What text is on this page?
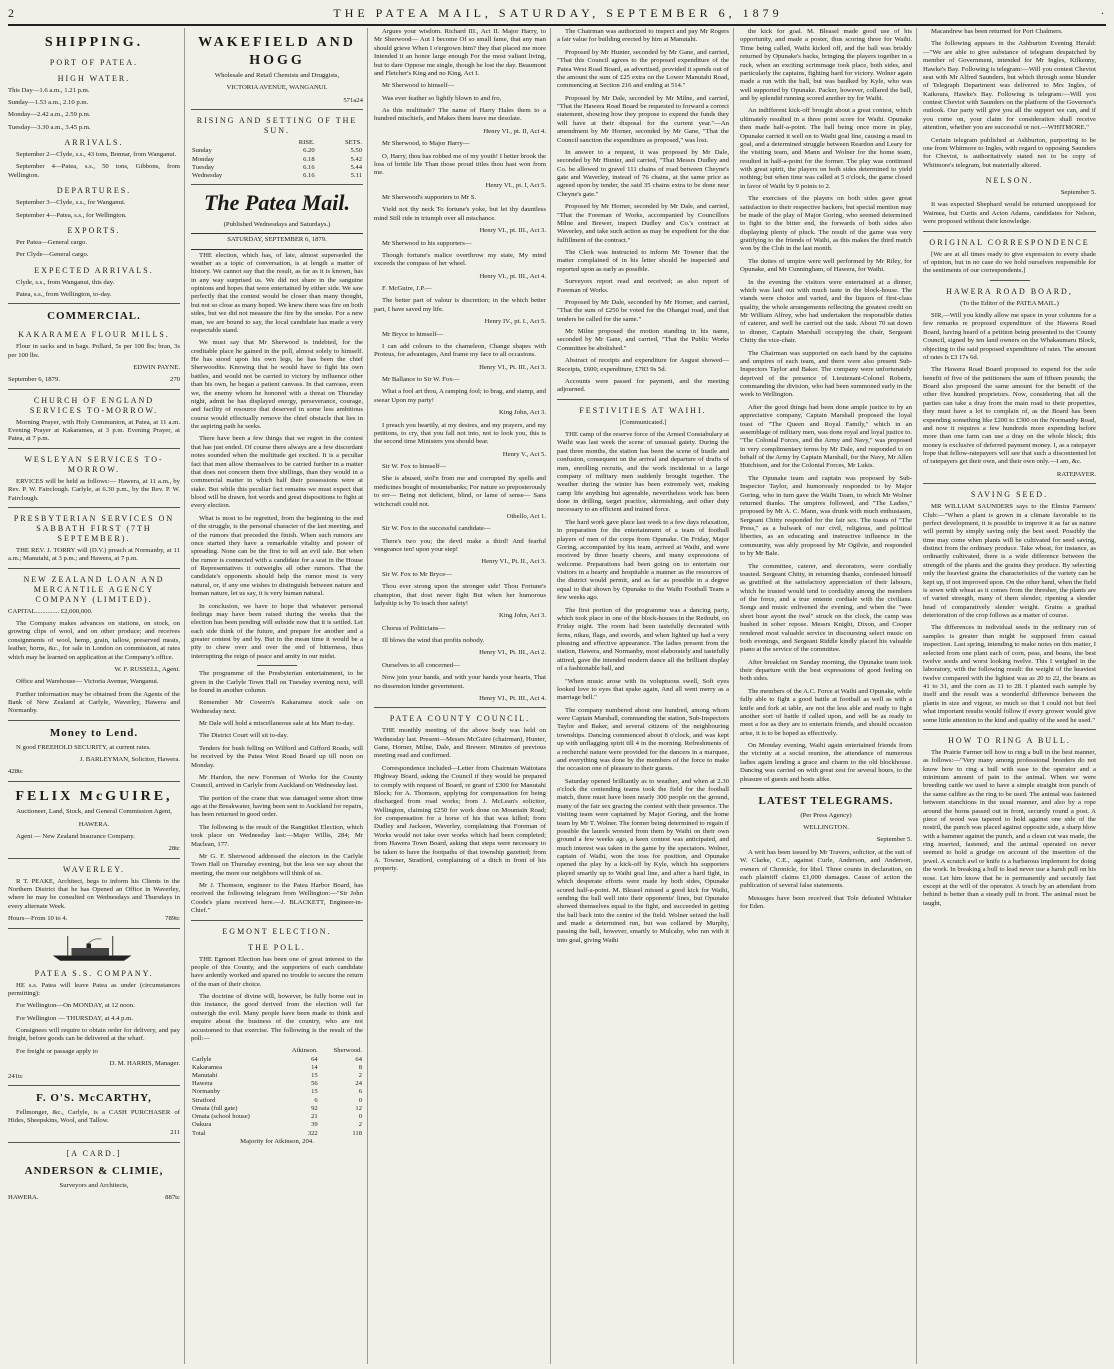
2	THE PATEA MAIL, SATURDAY, SEPTEMBER 6, 1879	·
SHIPPING.
PORT OF PATEA.
HIGH WATER.

This Day—1.6 a.m., 1.21 p.m.

Sunday—1.53 a.m., 2.10 p.m.

Monday—2.42 a.m., 2.59 p.m.

Tuesday—3.30 a.m., 3.45 p.m.

ARRIVALS.

September 2—Clyde, s.s., 43 tons, Bonnar, from Wanganui.

September 4—Patea, s.s., 50 tons, Gibbons, from Wellington.

DEPARTURES.

September 3—Clyde, s.s., for Wanganui.

September 4—Patea, s.s., for Wellington.

EXPORTS.

Per Patea—General cargo.

Per Clyde—General cargo.

EXPECTED ARRIVALS.

Clyde, s.s., from Wanganui, this day.

Patea, s.s., from Wellington, to-day.

COMMERCIAL.
KAKARAMEA FLOUR MILLS.

Flour in sacks and in bags. Pollard, 5s per 100 lbs; bran, 3s per 100 lbs.

EDWIN PAYNE.

September 6, 1879.	270

CHURCH OF ENGLAND SERVICES TO-MORROW.

Morning Prayer, with Holy Communion, at Patea, at 11 a.m. Evening Prayer at Kakaramea, at 3 p.m. Evening Prayer, at Patea, at 7 p.m.

WESLEYAN SERVICES TO-MORROW.

ERVICES will be held as follows:— Hawera, at 11 a.m., by Rev. P. W. Fairclough. Carlyle, at 6.30 p.m., by the Rev. P. W. Fairclough.

PRESBYTERIAN SERVICES ON SABBATH FIRST (7TH SEPTEMBER).

THE REV. J. TORRY will (D.V.) preach at Normanby, at 11 a.m.; Manutahi, at 3 p.m.; and Hawera, at 7 p.m.

NEW ZEALAND LOAN AND MERCANTILE AGENCY COMPANY (LIMITED).

CAPITAL.............. £2,000,000.

The Company makes advances on stations, on stock, on growing clips of wool, and on other produce; and receives consignments of wool, hemp, grain, tallow, preserved meats, leather, horns, &c., for sale in London on commission, at rates which may be learned on application at the Company's office.

W. F. RUSSELL, Agent.

Office and Warehouse— Victoria Avenue, Wanganui.

Further information may be obtained from the Agents of the Bank of New Zealand at Carlyle, Waverley, Hawera and Normanby.

Money to Lend.

N good FREEHOLD SECURITY, at current rates.

J. BARLEYMAN, Solicitor, Hawera.

428tc

FELIX McGUIRE,

Auctioneer, Land, Stock, and General Commission Agent,

HAWERA.

Agent — New Zealand Insurance Company.

28tc

WAVERLEY.

R T. PEAKE, Architect, begs to inform his Clients in the Northern District that he has Opened an Office in Waverley, where he may be consulted on Wednesdays and Thursdays in every alternate Week.

Hours—From 10 to 4.	789tc

PATEA S.S. COMPANY.

HE s.s. Patea will leave Patea as under (circumstances permitting):

For Wellington—On MONDAY, at 12 noon.

For Wellington — THURSDAY, at 4.4 p.m.

Consignees will require to obtain order for delivery, and pay freight, before goods can be delivered at the wharf.

For freight or passage apply to

D. M. HARRIS, Manager.

241tc

F. O'S. McCARTHY,

Fellmonger, &c., Carlyle, is a CASH PURCHASER of Hides, Sheepskins, Wool, and Tallow.

211

[A CARD.]
ANDERSON & CLIMIE,

Surveyors and Architects,

HAWERA.	887tc

WAKEFIELD AND HOGG

Wholesale and Retail Chemists and Druggists,

VICTORIA AVENUE, WANGANUI.

571a24

RISING AND SETTING OF THE SUN.
	RISE.	SETS.
Sunday	6.20	5.50
Monday	6.18	5.42
Tuesday	6.16	5.44
Wednesday	6.16	5.11
The Patea Mail.

(Published Wednesdays and Saturdays.)

SATURDAY, SEPTEMBER 6, 1879.

THE election, which has, of late, almost superseded the weather as a topic of conversation, is at length a matter of history. We cannot say that the result, as far as it is known, has in any way surprised us. We did not share in the sanguine opinions and hopes that were entertained by either side. We saw perfectly that the contest would be closer than many thought, but not so close as many hoped. We knew there was fire on both sides, but we did not measure the fire by the smoke. For a new man, we are bound to say, the local candidate has made a very respectable stand.

We must say that Mr Sherwood is indebted, for the creditable place he gained in the poll, almost solely to himself. He has stood upon his own legs, he has been the chief Sherwoodite. Knowing that he would have to fight his own battles, and would not be carried to victory by influence other than his own, he began a patient canvass. In that canvass, even we, the enemy whom he honored with a threat on Thursday night, admit he has displayed energy, perseverance, courage, and facility of resource that deserved in some less ambitious course would effectually remove the chief obstacle that lies in the aspiring path he seeks.

There have been a few things that we regret in the contest that has just ended. Of course there always are a few discordant notes sounded when the multitude get excited. It is a peculiar fact that men allow themselves to be carried further in a matter that does not concern them five shillings, than they would in a commercial matter in which half their possessions were at stake. But while this peculiar fact remains we must expect that blood will be drawn, hot words and great dispositions to fight at every election.

What is most to be regretted, from the beginning to the end of the struggle, is the personal character of the last meeting, and of the rumors that preceded the finish. When such rumors are once started they have a remarkable vitality and power of spreading. None can be the first to tell an evil tale. But when the rumor is connected with a candidate for a seat in the House of Representatives it outweighs all other rumors. That the candidate's opponents should help the rumor most is very natural, or, if any one wishes to distinguish between nature and human nature, let us say, it is very human natural.

In conclusion, we have to hope that whatever personal feelings may have been raised during the weeks that the election has been pending will subside now that it is settled. Let each side think of the future, and prepare for another and a greater contest by and by. But in the mean time it would be a pity to chew over and over the end of bitterness, thus interrupting the reign of peace and amity in our midst.

The programme of the Presbyterian entertainment, to be given in the Carlyle Town Hall on Tuesday evening next, will be found in another column.

Remember Mr Cowern's Kakaramea stock sale on Wednesday next.

Mr Dale will hold a miscellaneous sale at his Mart to-day.

The District Court will sit to-day.

Tenders for bush felling on Wilford and Gifford Roads, will be received by the Patea West Road Board up till noon on Monday.

Mr Hardon, the new Foreman of Works for the County Council, arrived in Carlyle from Auckland on Wednesday last.

The portion of the crane that was damaged some short time ago at the Breakwater, having been sent to Auckland for repairs, has been returned in good order.

The following is the result of the Rangitikei Election, which took place on Wednesday last:—Major Willis, 284; Mr Maclean, 177.

Mr G. F. Sherwood addressed the electors in the Carlyle Town Hall on Thursday evening, but the less we say about the meeting, the more our neighbors will think of us.

Mr J. Thomson, engineer to the Patea Harbor Board, has received the following telegram from Wellington:—"Sir John Coode's plans received here.—J. BLACKETT, Engineer-in-Chief."

EGMONT ELECTION.
THE POLL.

THE Egmont Election has been one of great interest to the people of this County, and the supporters of each candidate have ardently worked and spared no trouble to secure the return of the man of their choice.

The doctrine of divine will, however, be fully borne out in this instance, the good derived from the election will far outweigh the evil. Many people have been made to think and enquire about the business of the country, who are not accustomed to that exercise. The following is the result of the poll:—

	Atkinson.	Sherwood.
Carlyle	64	64
Kakaramea	14	8
Manutahi	15	2
Hawera	56	24
Normanby	15	6
Stratford	6	0
Omata (full gate)	92	12
Omata (school house)	21	0
Oakura	39	2
Total	322	118

Majority for Atkinson, 204.

Argues your wisdom. Richard III., Act II. Major Harry, to Mr Sherwood— Aut I become Of so small fame, that any man should grieve When I o'ergrown him? they that placed me more Intended it an honor large enough For the most valiant living, but to dare Oppose me single, though he lost the day. Beaumont and Fletcher's King and no King, Act I.

Mr Sherwood to himself—

Was ever feather so lightly blown to and fro,

As this multitude? The name of Harry Hales them to a hundred mischiefs, and Makes them leave me desolate.

Henry VI., pt. II, Act 4.

Mr Sherwood, to Major Harry—

O, Harry, thou has robbed me of my youth! I better brook the loss of brittle life Than those proud titles thou hast won from me.

Henry VI., pt. I, Act 5.

Mr Sherwood's supporters to Mr S.

Yield not thy neck To fortune's yoke, but let thy dauntless mind Still ride in triumph over all mischance.

Henry VI., pt. III., Act 3.

Mr Sherwood to his supporters—

Though fortune's malice overthrow my state, My mind exceeds the compass of her wheel.

Henry VI., pt. III., Act 4.

F. McGuire, J.P.—

The better part of valour is discretion; in the which better part, I have saved my life.

Henry IV., pt. I., Act 5.

Mr Bryce to himself—

I can add colours to the chameleon, Change shapes with Proteus, for advantages, And frame my face to all occasions.

Henry VI., Pt. III., Act 3.

Mr Ballance to Sir W. Fox—

What a fool art thou, A ramping fool; to brag, and stamp, and swear Upon my party!

King John, Act 3.

I preach you heartily, at my desires, and my prayers, and my petitions, to cry, that you fall not into, not to look you, this is the second time Ministers you should bear.

Henry V., Act 5.

Sir W. Fox to himself—

She is abused, stol'n from me and corrupted By spells and medicines bought of mountebanks; For nature so preposterously to err— Being not deficient, blind, or lame of sense— Sans witchcraft could not.

Othello, Act 1.

Sir W. Fox to the successful candidate—

There's two you; the devil make a third! And fearful vengeance ten! upon your step!

Henry VI., Pt. II., Act 3.

Sir W. Fox to Mr Bryce—

Thou ever strong upon the stronger side! Thou Fortune's champion, that dost never fight But when her humorous ladyship is by To teach thee safety!

King John, Act 3.

Chorus of Politicians—

Ill blows the wind that profits nobody.

Henry VI., Pt. III., Act 2.

Ourselves to all concerned—

Now join your hands, and with your hands your hearts, That no dissension hinder government.

Henry VI., Pt. III., Act 4.

PATEA COUNTY COUNCIL.

THE monthly meeting of the above body was held on Wednesday last. Present—Messrs McGuire (chairman), Hunter, Gane, Horner, Milne, Dale, and Brewer. Minutes of previous meeting read and confirmed.

Correspondence included—Letter from Chairman Waitotara Highway Board, asking the Council if they would be prepared to comply with request of Board, re grant of £300 for Manutahi Block; for A. Thomson, applying for compensation for being discharged from road works; from J. McLean's solicitor, Wellington, claiming £250 for work done on Mountain Road; for compensation for a horse of his that was killed; from Dudley and Jackson, Waverley, complaining that Foreman of Works would not take over works which had been completed; from Hawera Town Board, asking that steps were necessary to be taken to have the footpaths of that township gazetted; from A. Towner, Stratford, complaining of a ditch in front of his property.

The Chairman was authorized to inspect and pay Mr Rogers a fair value for building erected by him at Manutahi.

Proposed by Mr Hunter, seconded by Mr Gane, and carried, "That this Council agrees to the proposed expenditure of the Patea West Road Board, as advertised, provided it spends out of the amount the sum of £25 extra on the Lower Manutahi Road, commencing at Section 216 and ending at 514."

Proposed by Mr Dale, seconded by Mr Milne, and carried, "That the Hawera Road Board be requested to forward a correct statement, showing how they propose to expend the funds they will have at their disposal for the current year."—An amendment by Mr Horner, seconded by Mr Gane, "That the Council sanction the expenditure as proposed," was lost.

In answer to a request, it was proposed by Mr Dale, seconded by Mr Hunter, and carried, "That Messrs Dudley and Co. be allowed to gravel 111 chains of road between Cheyne's gate and Waverley, instead of 76 chains, at the same price as agreed upon by tender, the said 35 chains extra to be done near Cheyne's gate."

Proposed by Mr Horner, seconded by Mr Dale, and carried, "That the Foreman of Works, accompanied by Councillors Milne and Brewer, inspect Dudley and Co.'s contract at Waverley, and take such action as may be expedient for the due fulfillment of the contract."

The Clerk was instructed to inform Mr Towner that the matter complained of in his letter should be inspected and reported upon as early as possible.

Surveyors report read and received; as also report of Foreman of Works.

Proposed by Mr Dale, seconded by Mr Horner, and carried, "That the sum of £250 be voted for the Ohangai road, and that tenders be called for the same."

Mr Milne proposed the motion standing in his name, seconded by Mr Gane, and carried, "That the Public Works Committee be abolished."

Abstract of receipts and expenditure for August showed—Receipts, £600; expenditure, £783 9s 5d.

Accounts were passed for payment, and the meeting adjourned.

FESTIVITIES AT WAIHI.

[Communicated.]

THE camp of the reserve force of the Armed Constabulary at Waihi was last week the scene of unusual gaiety. During the past three months, the station has been the scene of hustle and confusion, consequent on the arrival and departure of drafts of men, enrolling recruits, and the work incidental to a large company of military men suddenly brought together. The weather during the winter has been extremely wet, making camp life anything but agreeable, nevertheless work has been done in drilling, target practice, skirmishing, and other duty necessary to an efficient and trained force.

The hard work gave place last week to a few days relaxation, in preparation for the entertainment of a team of football players of men of the corps from Opunake. On Friday, Major Goring, accompanied by his team, arrived at Waihi, and were received by three hearty cheers, and many expressions of welcome. Preparations had been going on to entertain our visitors in a hearty and hospitable a manner as the resources of the district would permit, and as far as possible in a degree equal to that shown by Opunake to the Waihi Football Team a few weeks ago.

The first portion of the programme was a dancing party, which took place in one of the block-houses in the Redoubt, on Friday night. The room had been tastefully decorated with ferns, nikau, flags, and swords, and when lighted up had a very pleasing and effective appearance. The ladies present from the station, Hawera, and Normanby, most elaborately and tastefully attired, gave the intended modern dance all the brilliant display of a fashionable ball, and

"When music arose with its voluptuous swell, Soft eyes looked love to eyes that spake again, And all went merry as a marriage bell."

The company numbered about one hundred, among whom were Captain Marshall, commanding the station, Sub-Inspectors Taylor and Baker, and several citizens of the neighbouring townships. Dancing commenced about 8 o'clock, and was kept up with unflagging spirit till 4 in the morning. Refreshments of a recherché nature were provided for the dancers in a marquee, and everything was done by the members of the force to make the occasion one of pleasure to their guests.

Saturday opened brilliantly as to weather, and when at 2.30 o'clock the contending teams took the field for the football match, there must have been nearly 300 people on the ground, many of the fair sex gracing the contest with their presence. The visiting team were captained by Major Goring, and the home team by Mr T. Wolner. The former being determined to regain if possible the laurels wrested from them by Waihi on their own ground a few weeks ago, a keen contest was anticipated, and much interest was taken in the game by the spectators. Wolner, captain of Waihi, won the toss for position, and Opunake opened the play by a kick-off by Kyle, which his supporters played smartly up to Waihi goal line, and after a hard fight, in which desperate efforts were made by both sides, Opunake scored half-a-point. M. Bleasel missed a good kick for Waihi, sending the ball well into their opponents' lines, but Opunake showed themselves equal to the fight, and succeeded in getting the ball back into the centre of the field. Wolner seized the ball and made a determined run, but was collared by Murphy, passing the ball, however, smartly to Mulcahy, who ran with it into goal, giving Waihi

the kick for goal. M. Bleasel made good use of his opportunity, and made a poster, thus scoring three for Waihi. Time being called, Waihi kicked off, and the ball was briskly returned by Opunake's backs, bringing the players together in a ruck, when an exciting scrimmage took place, both sides, and particularly the captains, fighting hard for victory. Wolner again made a run with the ball, but was baulked by Kyle, who was well supported by Opunake. Packer, however, collared the ball, and by splendid running scored another try for Waihi.

An indifferent kick-off brought about a great contest, which ultimately resulted in a three point score for Waihi. Opunake then made half-a-point. The ball being once more in play, Opunake carried it well on to Waihi goal line, causing a maul in goal, and a determined struggle between Reardon and Leary for the visiting team, and Mann and Wolner for the home team, resulted in half-a-point for the former. The play was continued with great spirit, the players on both sides determined to yield nothing; but when time was called at 5 o'clock, the game closed in favor of Waihi by 9 points to 2.

The exercises of the players on both sides gave great satisfaction to their respective backers, but special mention may be made of the play of Major Goring, who seemed determined to fight to the bitter end, the forwards of both sides also displaying plenty of pluck. The result of the game was very gratifying to the friends of Waihi, as this makes the third match won by the Club in the last month.

The duties of umpire were well performed by Mr Riley, for Opunake, and Mr Cunningham, of Hawera, for Waihi.

In the evening the visitors were entertained at a dinner, which was laid out with much taste in the block-house. The viands were choice and varied, and the liquors of first-class quality, the whole arrangements reflecting the greatest credit on Mr William Alfrey, who had undertaken the responsible duties of caterer, and well he carried out the task. About 70 sat down to dinner, Captain Marshall occupying the chair, Sergeant Chitty the vice-chair.

The Chairman was supported on each hand by the captains and umpires of each team, and there were also present Sub-Inspectors Taylor and Baker. The company were unfortunately deprived of the presence of Lieutenant-Colonel Roberts, commanding the division, who had been summoned early in the week to Wellington.

After the good things had been done ample justice to by an appreciative company, Captain Marshall proposed the loyal toast of "The Queen and Royal Family," which in an assemblage of military men, was done royal and loyal justice to. "The Colonial Forces, and the Army and Navy," was proposed in very complimentary terms by Mr Dale, and responded to on behalf of the Army by Captain Marshall, for the Navy, Mr Allen Hutchison, and for the Colonial Forces, Mr Lukis.

The Opunake team and captain was proposed by Sub-Inspector Taylor, and humorously responded to by Major Goring, who in turn gave the Waihi Team, to which Mr Wolner returned thanks. The umpires followed, and "The Ladies," proposed by Mr A. C. Mann, was drunk with much enthusiasm, Sergeant Chitty responded for the fair sex. The toasts of "The Press," as a bulwark of our civil, religious, and political liberties, as an educating and instructive influence in the community, was ably proposed by Mr Ogilvie, and responded to by Mr Bale.

The committee, caterer, and decorators, were cordially toasted. Sergeant Chitty, in returning thanks, confessed himself as gratified at the satisfactory appreciation of their labours, which he trusted would tend to cordiality among the members of the force, and a true entente cordiale with the civilians. Songs and music enlivened the evening, and when the "wee short hour ayont the twal" struck on the clock, the camp was hushed in sober repose. Messrs Knight, Dixon, and Cooper rendered most valuable service in discoursing select music on both evenings, and Sergeant Riddle kindly placed his valuable piano at the service of the committee.

After breakfast on Sunday morning, the Opunake team took their departure with the best expressions of good feeling on both sides.

The members of the A.C. Force at Waihi and Opunake, while fully able to fight a good battle at football as well as with a knife and fork at table, are not the less able and ready to fight another sort of battle if called upon, and will be as ready to meet a foe as they are to entertain friends, and should occasion arise, it is to be hoped as effectively.

On Monday evening, Waihi again entertained friends from the vicinity at a social reunion, the attendance of numerous ladies again lending a grace and charm to the old blockhouse. Dancing was carried on with great zest for several hours, to the pleasure of guests and hosts alike.

LATEST TELEGRAMS.

(Per Press Agency)

WELLINGTON.

September 5.

A writ has been issued by Mr Travers, solicitor, at the suit of W. Clarke, C.E., against Curle, Anderson, and Anderson, owners of Chronicle, for libel. Three counts in declaration, on each plaintiff claims £1,000 damages. Cause of action the publication of several false statements.

Messages have been received that Tole defeated Whitaker for Eden.

Macandrew has been returned for Port Chalmers.

The following appears in the Ashburton Evening Herald:—"We are able to give substance of telegram despatched by member of Government, intended for Mr Ingles, Kilkenny, Hawke's Bay. Following is telegram:—Will you contest Cheviot seat with Mr Alfred Saunders, but which through some blunder of Telegraph Department was delivered to Mrs Ingles, of Kaikoura, Hawke's Bay. Following is telegram:—Will you contest Cheviot with Saunders on the platform of the Governor's outlook. Our party will give you all the support we can, and if you come on, your claim for consideration shall receive attention, whether you are successful or not.—WHITMORE."

Certain telegram published at Ashburton, purporting to be one from Whitmore to Ingles, with regard to opposing Saunders for Cheviot, is authoritatively stated not to be copy of Whitmore's telegram, but materially altered.

NELSON.

September 5.

It was expected Shephard would be returned unopposed for Waimea, but Curtis and Acton Adams, candidates for Nelson, were proposed without their knowledge.

ORIGINAL CORRESPONDENCE

[We are at all times ready to give expression to every shade of opinion, but in no case do we hold ourselves responsible for the sentiments of our correspondents.]

HAWERA ROAD BOARD,

(To the Editor of the PATEA MAIL.)

SIR,—Will you kindly allow me space in your columns for a few remarks re proposed expenditure of the Hawera Road Board, having heard of a petition being presented to the County Council, signed by ten land owners on the Whakaumaru Block, objecting to the said proposed expenditure of rates. The amount of rates is £3 17s 6d.

The Hawera Road Board proposed to expend for the sole benefit of five of the petitioners the sum of fifteen pounds; the Board also proposed the same amount for the benefit of the other five hundred proprietors. Now, considering that all the parties can take a dray from the main road to their properties, they must have a lot to complain of, as the Board has been expending something like £200 to £300 on the Normanby Road, and now it requires a few hundreds more expending before more than one farm can use a dray on the whole block; this money is exclusive of deferred payment money. I, as a ratepayer hope that fellow-ratepayers will see that such a discontented lot of ratepayers get their own, and their own only.—I am, &c.

RATEPAYER.

SAVING SEED.

MR WILLIAM SAUNDERS says to the Elmira Farmers' Club:—"When a plant is grown in a climate favorable to its perfect development, it is possible to improve it as far as nature will permit by simply saving only the best seed. Possibly the time may come when plants will be cultivated for seed saving, distinct from the ordinary produce. Take wheat, for instance, as ordinarily cultivated, there is a wide difference between the strength of the plants and the grains they produce. By selecting only the heaviest grains the characteristics of the variety can be kept up, if not improved upon. On the other hand, when the field is sown with wheat as it comes from the thresher, the plants are of varied strength, many of them slender, ripening a slender head of comparatively slender weight. Grains a gradual deterioration of the crop follows as a matter of course.

The differences in individual seeds in the ordinary run of samples is greater than might be supposed from casual inspection. Last spring, intending to make notes on this matter, I selected from one plant each of corn, peas, and beans, the best twelve seeds and worst looking twelve. This I weighed in the laboratory, with the following result: the weight of the heaviest twelve compared with the lightest was as 20 to 22, the beans as 41 to 31, and the corn as 11 to 28. I planted each sample by itself and the result was a wonderful difference between the plants in size and vigour, so much so that I could not but feel what important results would follow if every grower would give some little attention to the kind and quality of the seed he used."

HOW TO RING A BULL.

The Prairie Farmer tell how to ring a bull in the best manner, as follows:—"Very many among professional breeders do not know how to ring a bull with ease to the operator and a minimum amount of pain to the animal. When we were breeding cattle we used to have a simple straight iron punch of the same calibre as the ring to be used. The animal was fastened between stanchions in the usual manner, and also by a rope around the horns passed out in front, securely round a post. A piece of wood was tapered to hold against one side of the nostril, the punch was placed against opposite side, a sharp blow with a hammer against the punch, and a clean cut was made, the ring inserted, fastened, and the animal operated on never seemed to hold a grudge on account of the insertion of the jewel. A scratch awl or knife is a barbarous implement for doing the work. In breaking a bull to lead never use a harsh pull on his nose. Let him know that he is permanently and securely fast except at the will of the operator. A touch by an attendant from behind is better than a steady pull in front. The animal must be taught,
